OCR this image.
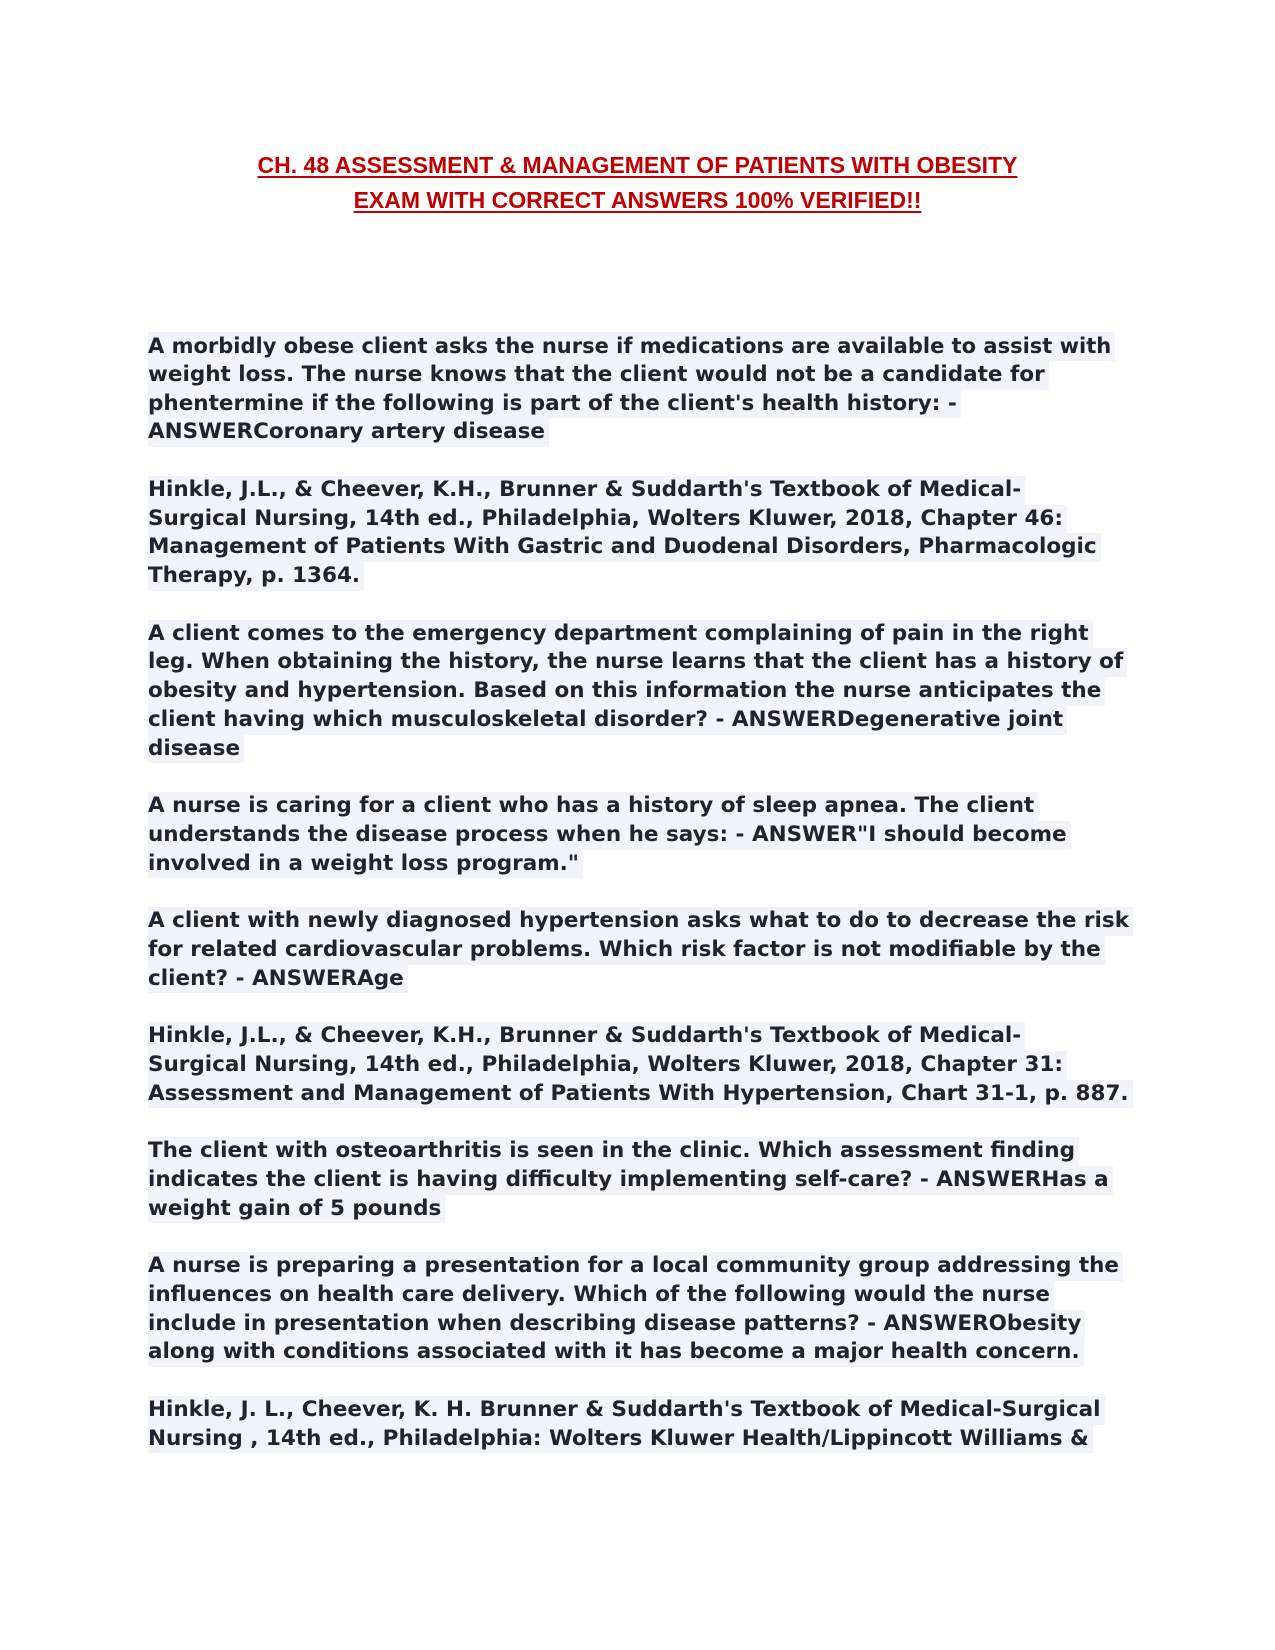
CH. 48 ASSESSMENT & MANAGEMENT OF PATIENTS WITH OBESITY
EXAM WITH CORRECT ANSWERS 100% VERIFIED!!
A morbidly obese client asks the nurse if medications are available to assist with
weight loss. The nurse knows that the client would not be a candidate for
phentermine if the following is part of the client's health history: -
ANSWERCoronary artery disease
Hinkle, J.L., & Cheever, K.H., Brunner & Suddarth's Textbook of Medical-
Surgical Nursing, 14th ed., Philadelphia, Wolters Kluwer, 2018, Chapter 46:
Management of Patients With Gastric and Duodenal Disorders, Pharmacologic
Therapy, p. 1364.
A client comes to the emergency department complaining of pain in the right
leg. When obtaining the history, the nurse learns that the client has a history of
obesity and hypertension. Based on this information the nurse anticipates the
client having which musculoskeletal disorder? - ANSWERDegenerative joint
disease
A nurse is caring for a client who has a history of sleep apnea. The client
understands the disease process when he says: - ANSWER"I should become
involved in a weight loss program."
A client with newly diagnosed hypertension asks what to do to decrease the risk
for related cardiovascular problems. Which risk factor is not modifiable by the
client? - ANSWERAge
Hinkle, J.L., & Cheever, K.H., Brunner & Suddarth's Textbook of Medical-
Surgical Nursing, 14th ed., Philadelphia, Wolters Kluwer, 2018, Chapter 31:
Assessment and Management of Patients With Hypertension, Chart 31-1, p. 887.
The client with osteoarthritis is seen in the clinic. Which assessment finding
indicates the client is having difficulty implementing self-care? - ANSWERHas a
weight gain of 5 pounds
A nurse is preparing a presentation for a local community group addressing the
influences on health care delivery. Which of the following would the nurse
include in presentation when describing disease patterns? - ANSWERObesity
along with conditions associated with it has become a major health concern.
Hinkle, J. L., Cheever, K. H. Brunner & Suddarth's Textbook of Medical-Surgical
Nursing , 14th ed., Philadelphia: Wolters Kluwer Health/Lippincott Williams &
